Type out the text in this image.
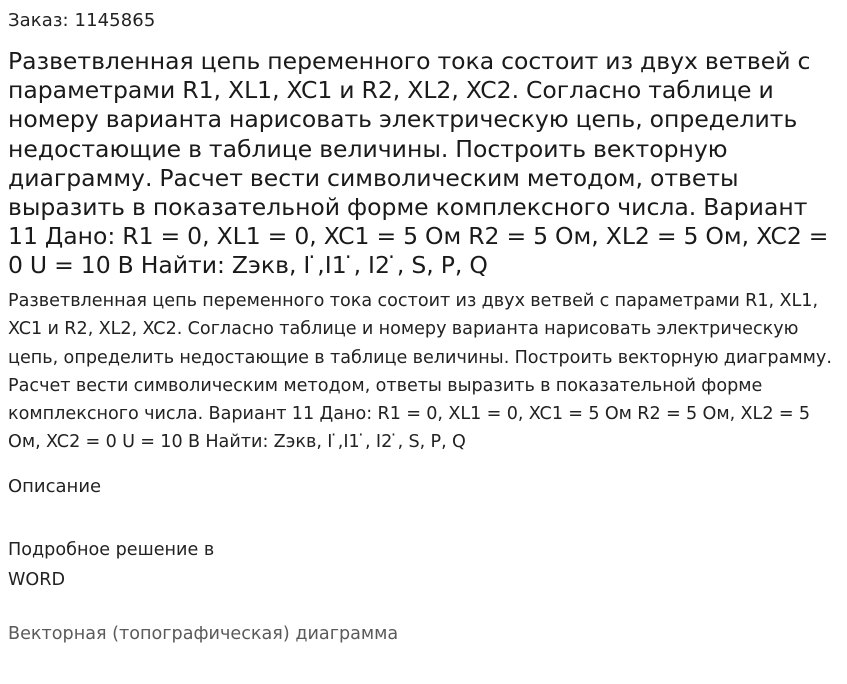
Заказ: 1145865
Разветвленная цепь переменного тока состоит из двух ветвей с параметрами R1, XL1, XC1 и R2, XL2, XC2. Согласно таблице и номеру варианта нарисовать электрическую цепь, определить недостающие в таблице величины. Построить векторную диаграмму. Расчет вести символическим методом, ответы выразить в показательной форме комплексного числа. Вариант 11 Дано: R1 = 0, XL1 = 0, XC1 = 5 Ом R2 = 5 Ом, XL2 = 5 Ом, XC2 = 0 U = 10 В Найти: Zэкв, I ̇,I1 ̇, I2 ̇, S, P, Q

Разветвленная цепь переменного тока состоит из двух ветвей с параметрами R1, XL1, XC1 и R2, XL2, XC2. Согласно таблице и номеру варианта нарисовать электрическую цепь, определить недостающие в таблице величины. Построить векторную диаграмму. Расчет вести символическим методом, ответы выразить в показательной форме комплексного числа. Вариант 11 Дано: R1 = 0, XL1 = 0, XC1 = 5 Ом R2 = 5 Ом, XL2 = 5 Ом, XC2 = 0 U = 10 В Найти: Zэкв, I ̇,I1 ̇, I2 ̇, S, P, Q

Описание
Подробное решение в WORD
Векторная (топографическая) диаграмма
